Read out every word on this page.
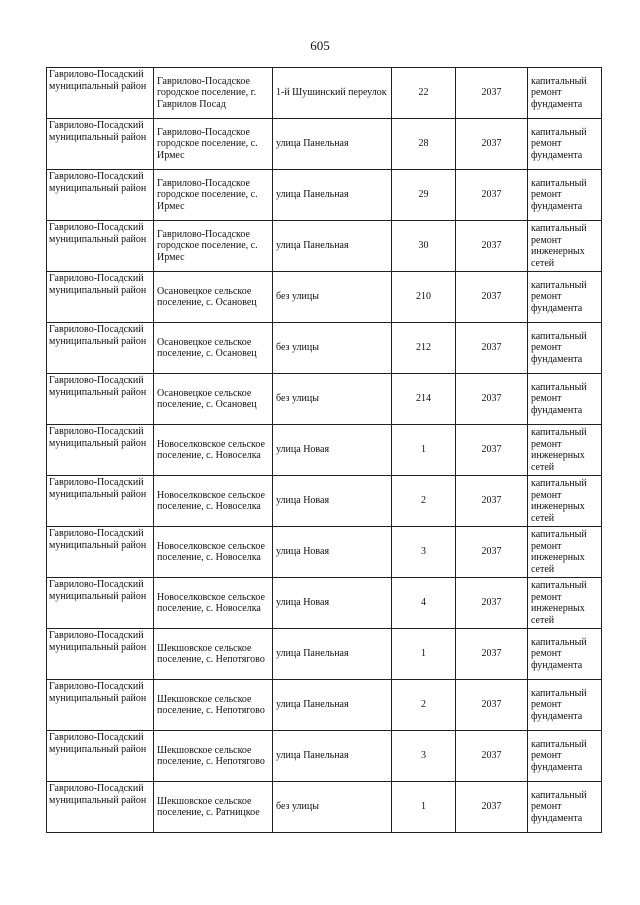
605
Гаврилово-Посадский муниципальный район	Гаврилово-Посадское городское поселение, г. Гаврилов Посад	1-й Шушинский переулок	22	2037	капитальный ремонт фундамента
Гаврилово-Посадский муниципальный район	Гаврилово-Посадское городское поселение, с. Ирмес	улица Панельная	28	2037	капитальный ремонт фундамента
Гаврилово-Посадский муниципальный район	Гаврилово-Посадское городское поселение, с. Ирмес	улица Панельная	29	2037	капитальный ремонт фундамента
Гаврилово-Посадский муниципальный район	Гаврилово-Посадское городское поселение, с. Ирмес	улица Панельная	30	2037	капитальный ремонт инженерных сетей
Гаврилово-Посадский муниципальный район	Осановецкое сельское поселение, с. Осановец	без улицы	210	2037	капитальный ремонт фундамента
Гаврилово-Посадский муниципальный район	Осановецкое сельское поселение, с. Осановец	без улицы	212	2037	капитальный ремонт фундамента
Гаврилово-Посадский муниципальный район	Осановецкое сельское поселение, с. Осановец	без улицы	214	2037	капитальный ремонт фундамента
Гаврилово-Посадский муниципальный район	Новоселковское сельское поселение, с. Новоселка	улица Новая	1	2037	капитальный ремонт инженерных сетей
Гаврилово-Посадский муниципальный район	Новоселковское сельское поселение, с. Новоселка	улица Новая	2	2037	капитальный ремонт инженерных сетей
Гаврилово-Посадский муниципальный район	Новоселковское сельское поселение, с. Новоселка	улица Новая	3	2037	капитальный ремонт инженерных сетей
Гаврилово-Посадский муниципальный район	Новоселковское сельское поселение, с. Новоселка	улица Новая	4	2037	капитальный ремонт инженерных сетей
Гаврилово-Посадский муниципальный район	Шекшовское сельское поселение, с. Непотягово	улица Панельная	1	2037	капитальный ремонт фундамента
Гаврилово-Посадский муниципальный район	Шекшовское сельское поселение, с. Непотягово	улица Панельная	2	2037	капитальный ремонт фундамента
Гаврилово-Посадский муниципальный район	Шекшовское сельское поселение, с. Непотягово	улица Панельная	3	2037	капитальный ремонт фундамента
Гаврилово-Посадский муниципальный район	Шекшовское сельское поселение, с. Ратницкое	без улицы	1	2037	капитальный ремонт фундамента
